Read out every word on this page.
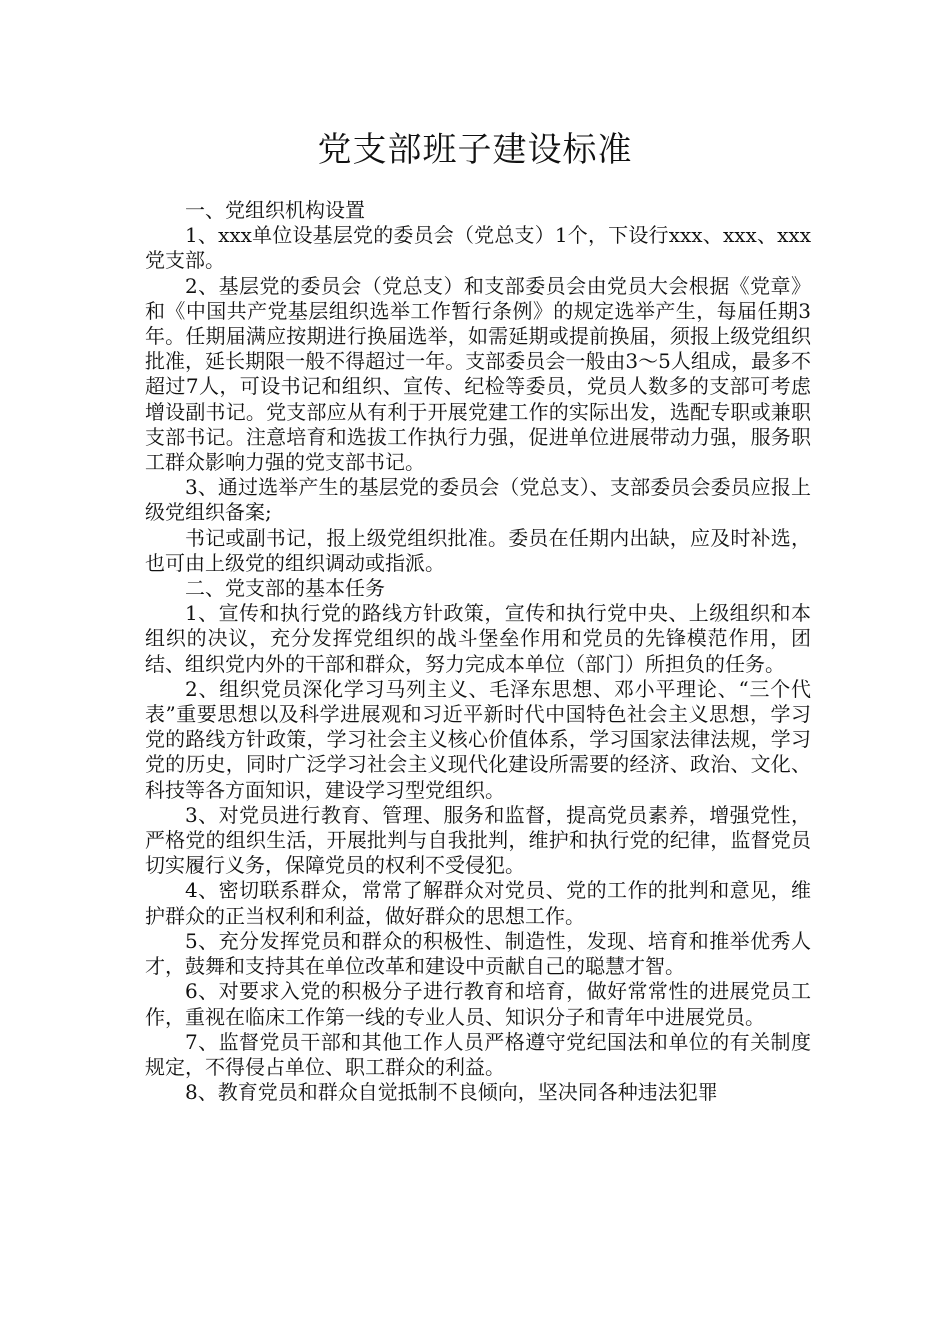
党支部班子建设标准

一、党组织机构设置

1、xxx单位设基层党的委员会（党总支）1个，下设行xxx、xxx、xxx党支部。

2、基层党的委员会（党总支）和支部委员会由党员大会根据《党章》和《中国共产党基层组织选举工作暂行条例》的规定选举产生，每届任期3年。任期届满应按期进行换届选举，如需延期或提前换届，须报上级党组织批准，延长期限一般不得超过一年。支部委员会一般由3～5人组成，最多不超过7人，可设书记和组织、宣传、纪检等委员，党员人数多的支部可考虑增设副书记。党支部应从有利于开展党建工作的实际出发，选配专职或兼职支部书记。注意培育和选拔工作执行力强，促进单位进展带动力强，服务职工群众影响力强的党支部书记。

3、通过选举产生的基层党的委员会（党总支）、支部委员会委员应报上级党组织备案;

书记或副书记，报上级党组织批准。委员在任期内出缺，应及时补选，也可由上级党的组织调动或指派。

二、党支部的基本任务

1、宣传和执行党的路线方针政策，宣传和执行党中央、上级组织和本组织的决议，充分发挥党组织的战斗堡垒作用和党员的先锋模范作用，团结、组织党内外的干部和群众，努力完成本单位（部门）所担负的任务。

2、组织党员深化学习马列主义、毛泽东思想、邓小平理论、“三个代表”重要思想以及科学进展观和习近平新时代中国特色社会主义思想，学习党的路线方针政策，学习社会主义核心价值体系，学习国家法律法规，学习党的历史，同时广泛学习社会主义现代化建设所需要的经济、政治、文化、科技等各方面知识，建设学习型党组织。

3、对党员进行教育、管理、服务和监督，提高党员素养，增强党性，严格党的组织生活，开展批判与自我批判，维护和执行党的纪律，监督党员切实履行义务，保障党员的权利不受侵犯。

4、密切联系群众，常常了解群众对党员、党的工作的批判和意见，维护群众的正当权利和利益，做好群众的思想工作。

5、充分发挥党员和群众的积极性、制造性，发现、培育和推举优秀人才，鼓舞和支持其在单位改革和建设中贡献自己的聪慧才智。

6、对要求入党的积极分子进行教育和培育，做好常常性的进展党员工作，重视在临床工作第一线的专业人员、知识分子和青年中进展党员。

7、监督党员干部和其他工作人员严格遵守党纪国法和单位的有关制度规定，不得侵占单位、职工群众的利益。

8、教育党员和群众自觉抵制不良倾向，坚决同各种违法犯罪
